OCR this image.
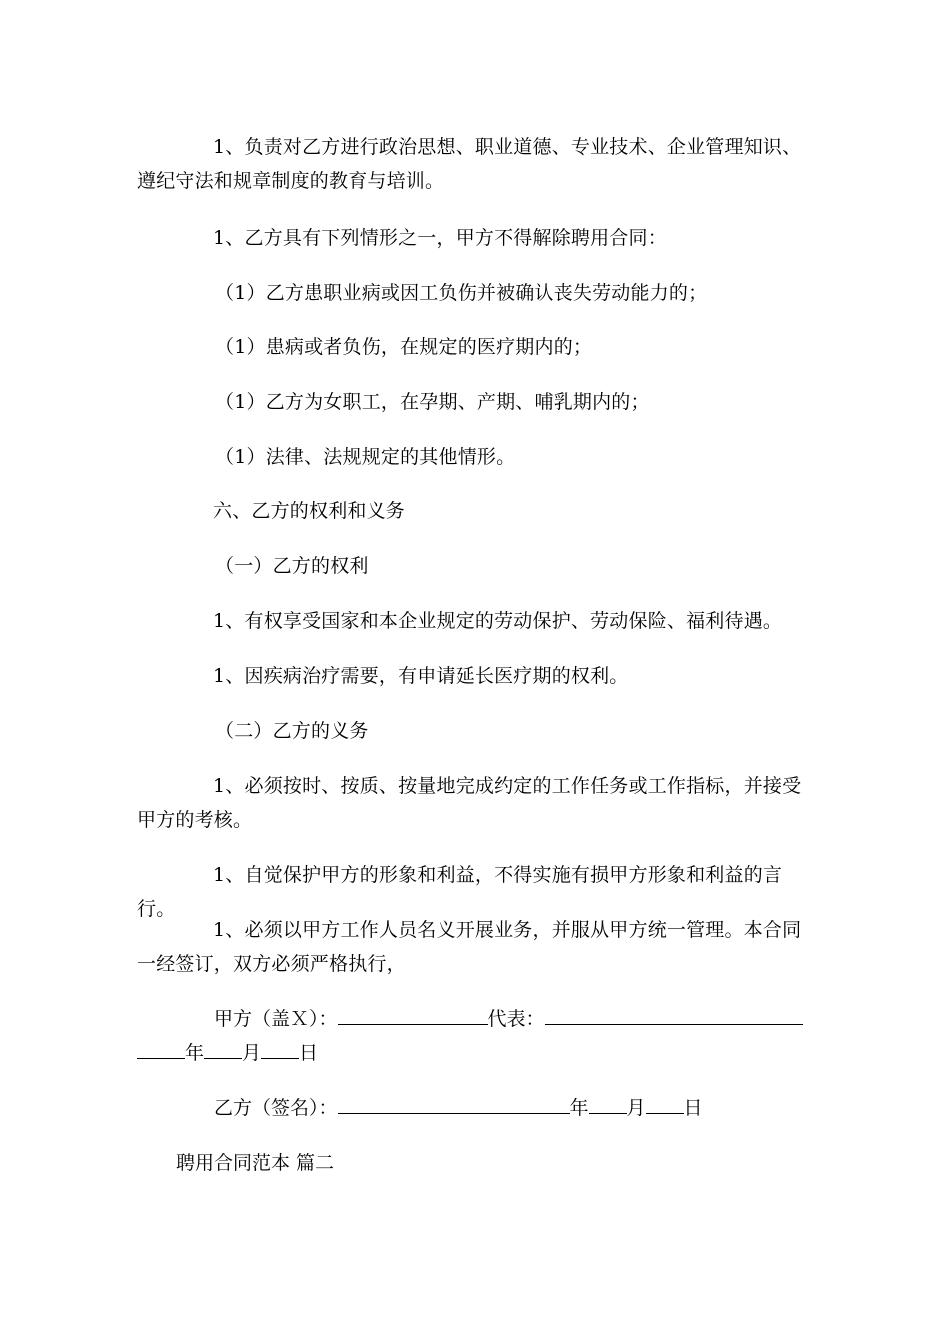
1、负责对乙方进行政治思想、职业道德、专业技术、企业管理知识、遵纪守法和规章制度的教育与培训。
1、乙方具有下列情形之一，甲方不得解除聘用合同：
（1）乙方患职业病或因工负伤并被确认丧失劳动能力的；
（1）患病或者负伤，在规定的医疗期内的；
（1）乙方为女职工，在孕期、产期、哺乳期内的；
（1）法律、法规规定的其他情形。
六、乙方的权利和义务
（一）乙方的权利
1、有权享受国家和本企业规定的劳动保护、劳动保险、福利待遇。
1、因疾病治疗需要，有申请延长医疗期的权利。
（二）乙方的义务
1、必须按时、按质、按量地完成约定的工作任务或工作指标，并接受甲方的考核。
1、自觉保护甲方的形象和利益，不得实施有损甲方形象和利益的言行。
1、必须以甲方工作人员名义开展业务，并服从甲方统一管理。本合同一经签订，双方必须严格执行，
甲方（盖Ｘ）：	代表：
年 月 日
乙方（签名）：	年 月 日
聘用合同范本 篇二
